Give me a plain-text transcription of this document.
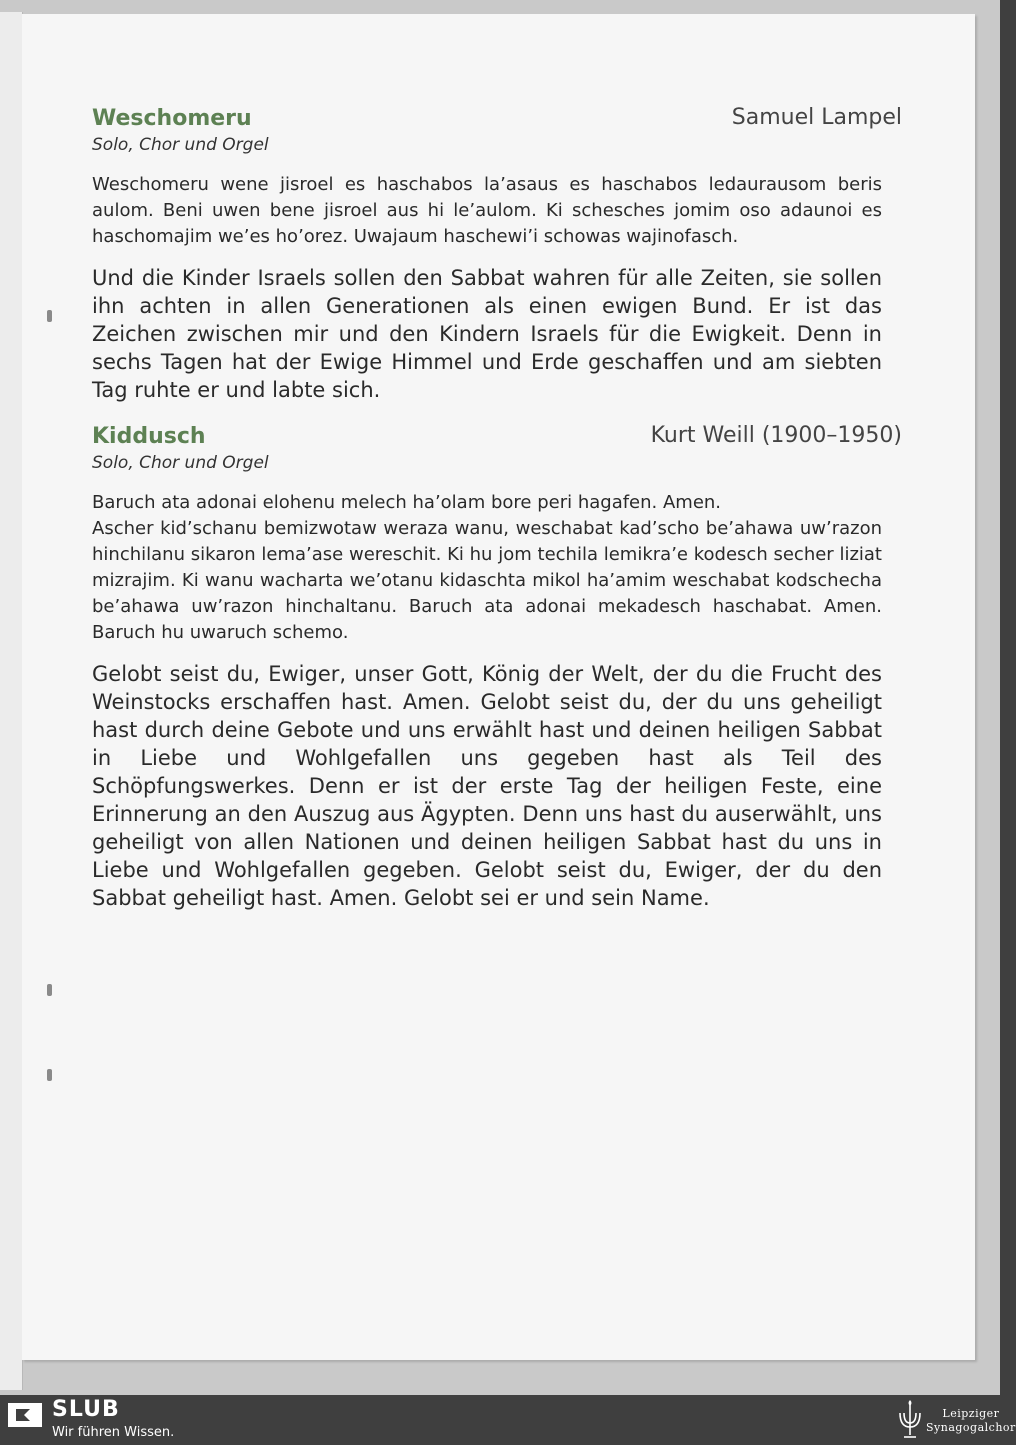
Weschomeru	Samuel Lampel

Solo, Chor und Orgel

Weschomeru wene jisroel es haschabos la’asaus es haschabos ledaurausom beris aulom. Beni uwen bene jisroel aus hi le’aulom. Ki schesches jomim oso adaunoi es haschomajim we’es ho’orez. Uwajaum haschewi’i schowas wajinofasch.

Und die Kinder Israels sollen den Sabbat wahren für alle Zeiten, sie sollen ihn achten in allen Generationen als einen ewigen Bund. Er ist das Zeichen zwischen mir und den Kindern Israels für die Ewigkeit. Denn in sechs Tagen hat der Ewige Himmel und Erde geschaffen und am siebten Tag ruhte er und labte sich.

Kiddusch	Kurt Weill (1900–1950)

Solo, Chor und Orgel

Baruch ata adonai elohenu melech ha’olam bore peri hagafen. Amen.

Ascher kid’schanu bemizwotaw weraza wanu, weschabat kad’scho be’ahawa uw’razon hinchilanu sikaron lema’ase wereschit. Ki hu jom techila lemikra’e kodesch secher liziat mizrajim. Ki wanu wacharta we’otanu kidaschta mikol ha’amim weschabat kodschecha be’ahawa uw’razon hinchaltanu. Baruch ata adonai mekadesch haschabat. Amen. Baruch hu uwaruch schemo.

Gelobt seist du, Ewiger, unser Gott, König der Welt, der du die Frucht des Weinstocks erschaffen hast. Amen. Gelobt seist du, der du uns geheiligt hast durch deine Gebote und uns erwählt hast und deinen heiligen Sabbat in Liebe und Wohlgefallen uns gegeben hast als Teil des Schöpfungswerkes. Denn er ist der erste Tag der heiligen Feste, eine Erinnerung an den Auszug aus Ägypten. Denn uns hast du auserwählt, uns geheiligt von allen Nationen und deinen heiligen Sabbat hast du uns in Liebe und Wohlgefallen gegeben. Gelobt seist du, Ewiger, der du den Sabbat geheiligt hast. Amen. Gelobt sei er und sein Name.

SLUB
Wir führen Wissen.
Leipziger
Synagogalchor
